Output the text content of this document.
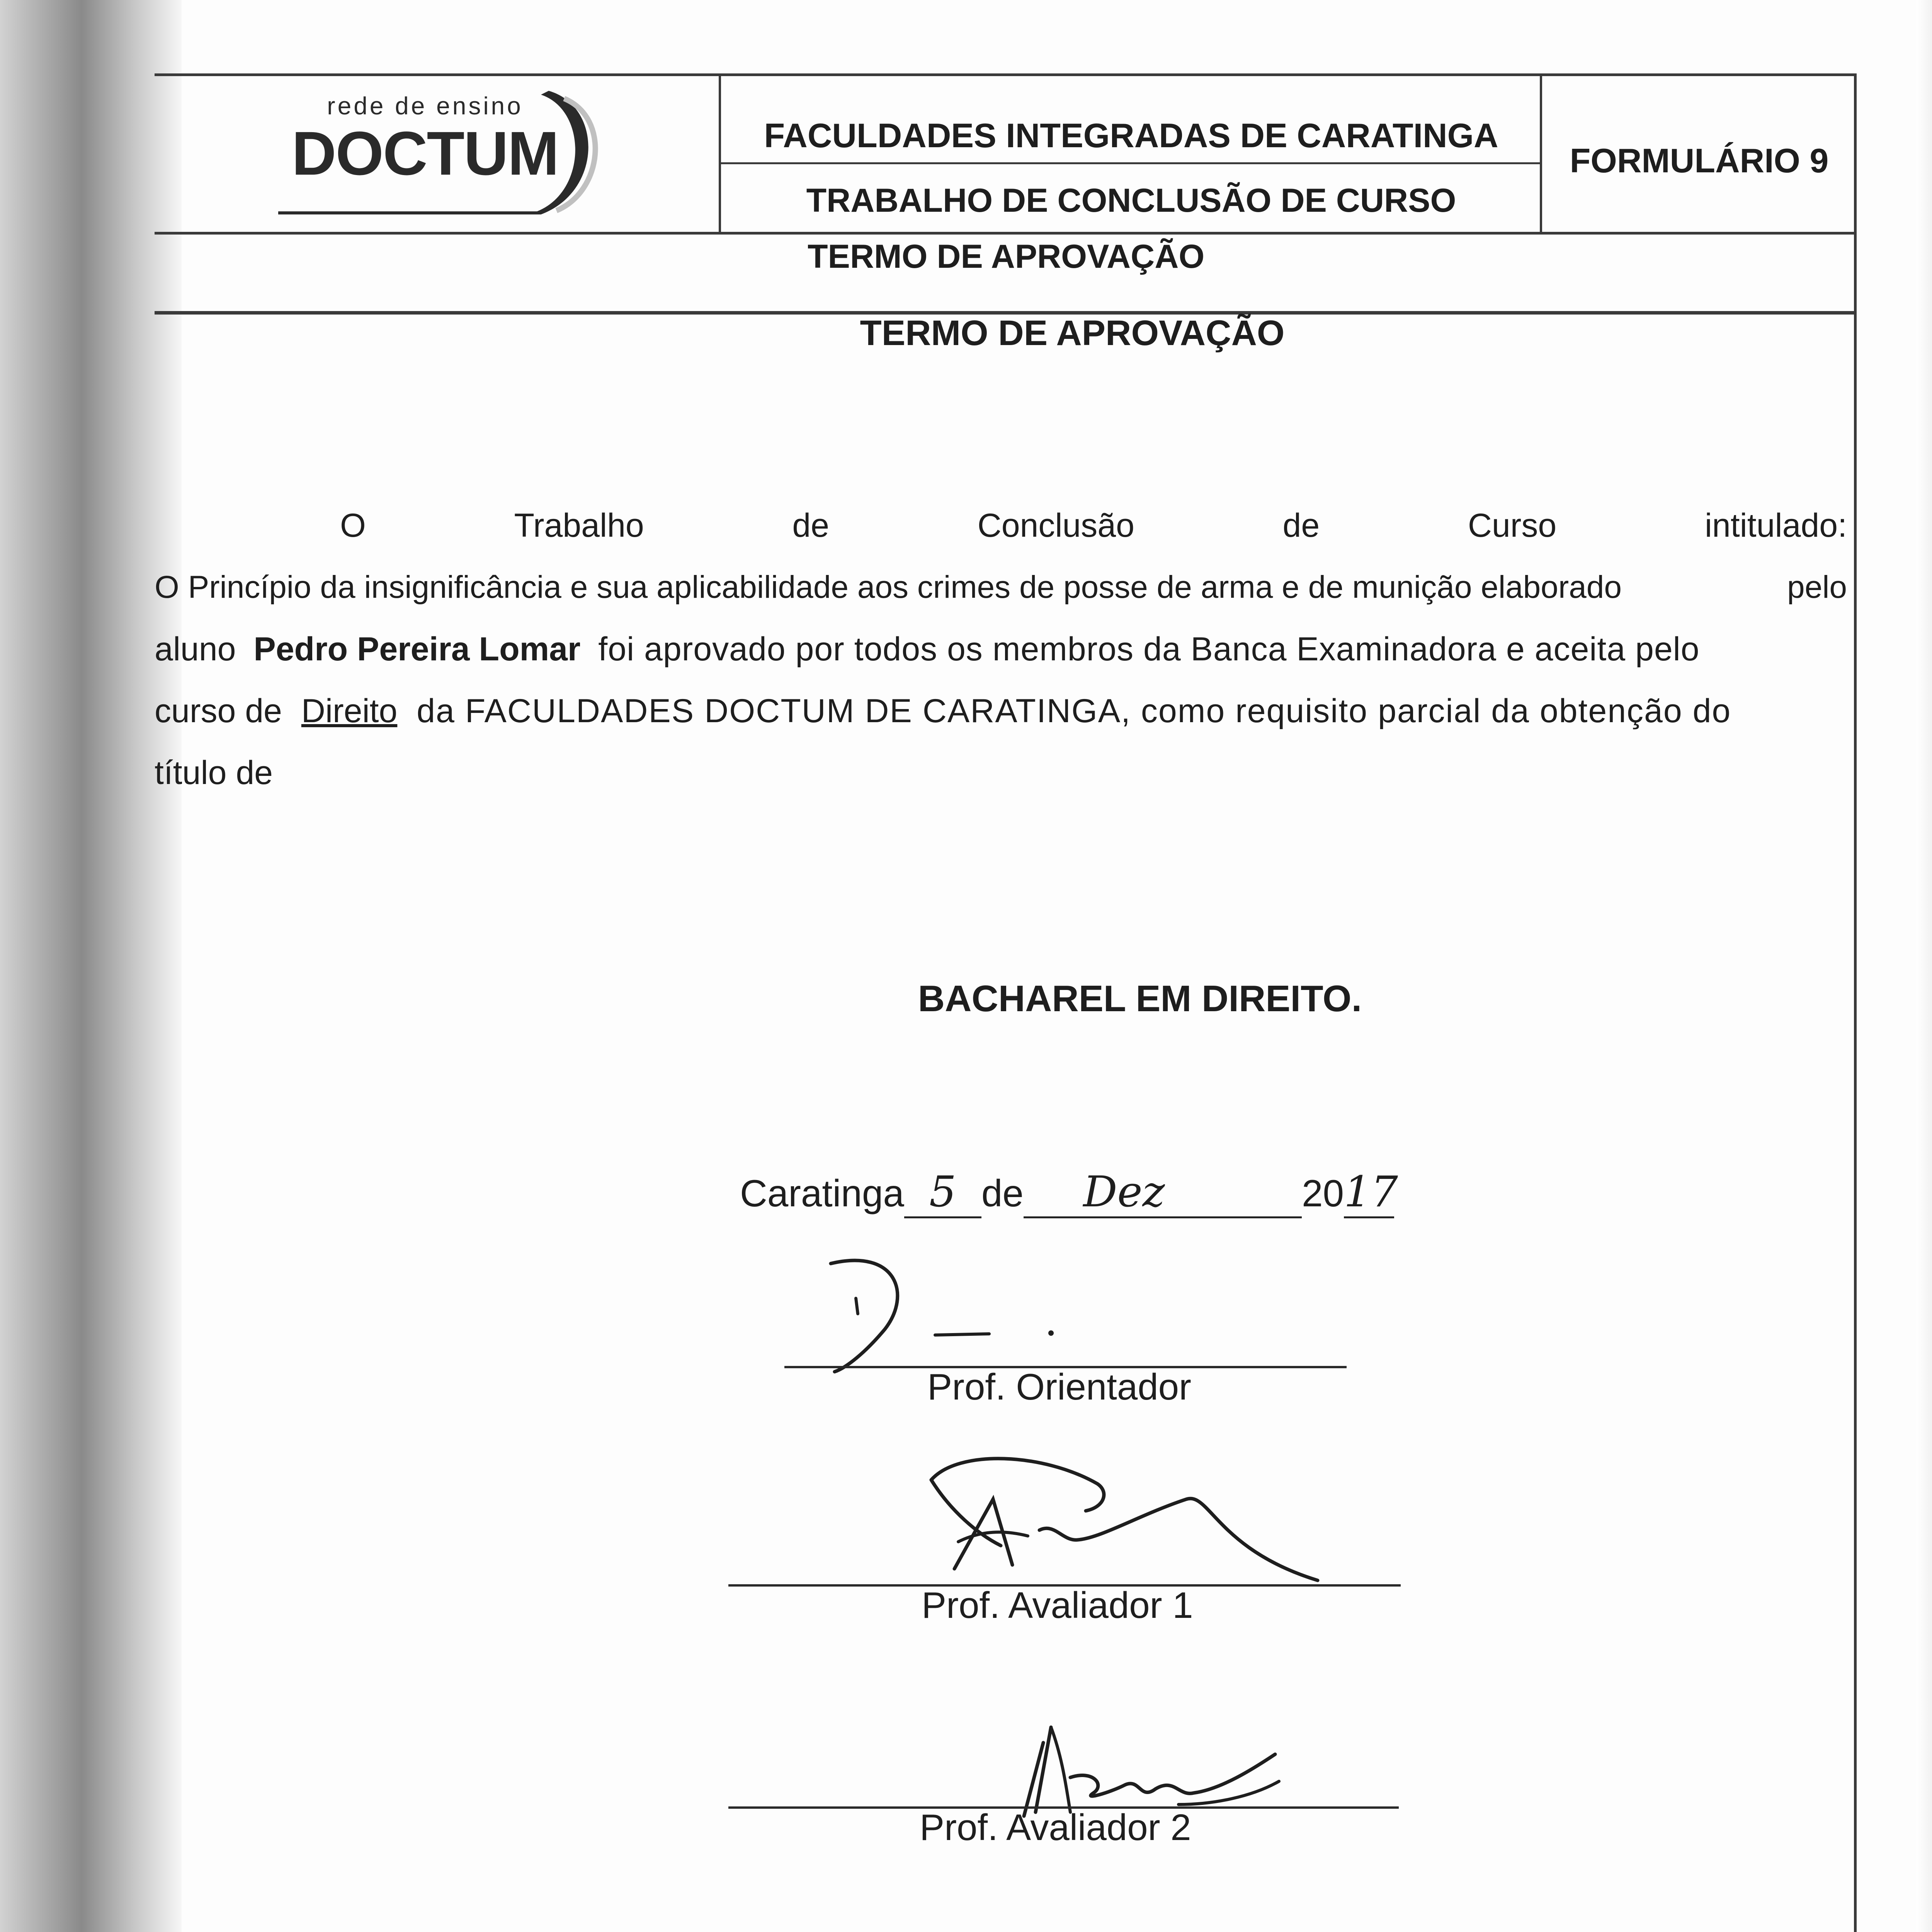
rede de ensino
DOCTUM	FACULDADES INTEGRADAS DE CARATINGA
TRABALHO DE CONCLUSÃO DE CURSO
FORMULÁRIO 9
TERMO DE APROVAÇÃO
TERMO DE APROVAÇÃO
O	Trabalho	de	Conclusão	de	Curso	intitulado:
O Princípio da insignificância e sua aplicabilidade aos crimes de posse de arma e de munição elaborado	pelo
aluno Pedro Pereira Lomar foi aprovado por todos os membros da Banca Examinadora e aceita pelo
curso de Direito da FACULDADES DOCTUM DE CARATINGA, como requisito parcial da obtenção do
título de
BACHAREL EM DIREITO.
Caratinga 5 de Dez	2017
Prof. Orientador
Prof. Avaliador 1
Prof. Avaliador 2
